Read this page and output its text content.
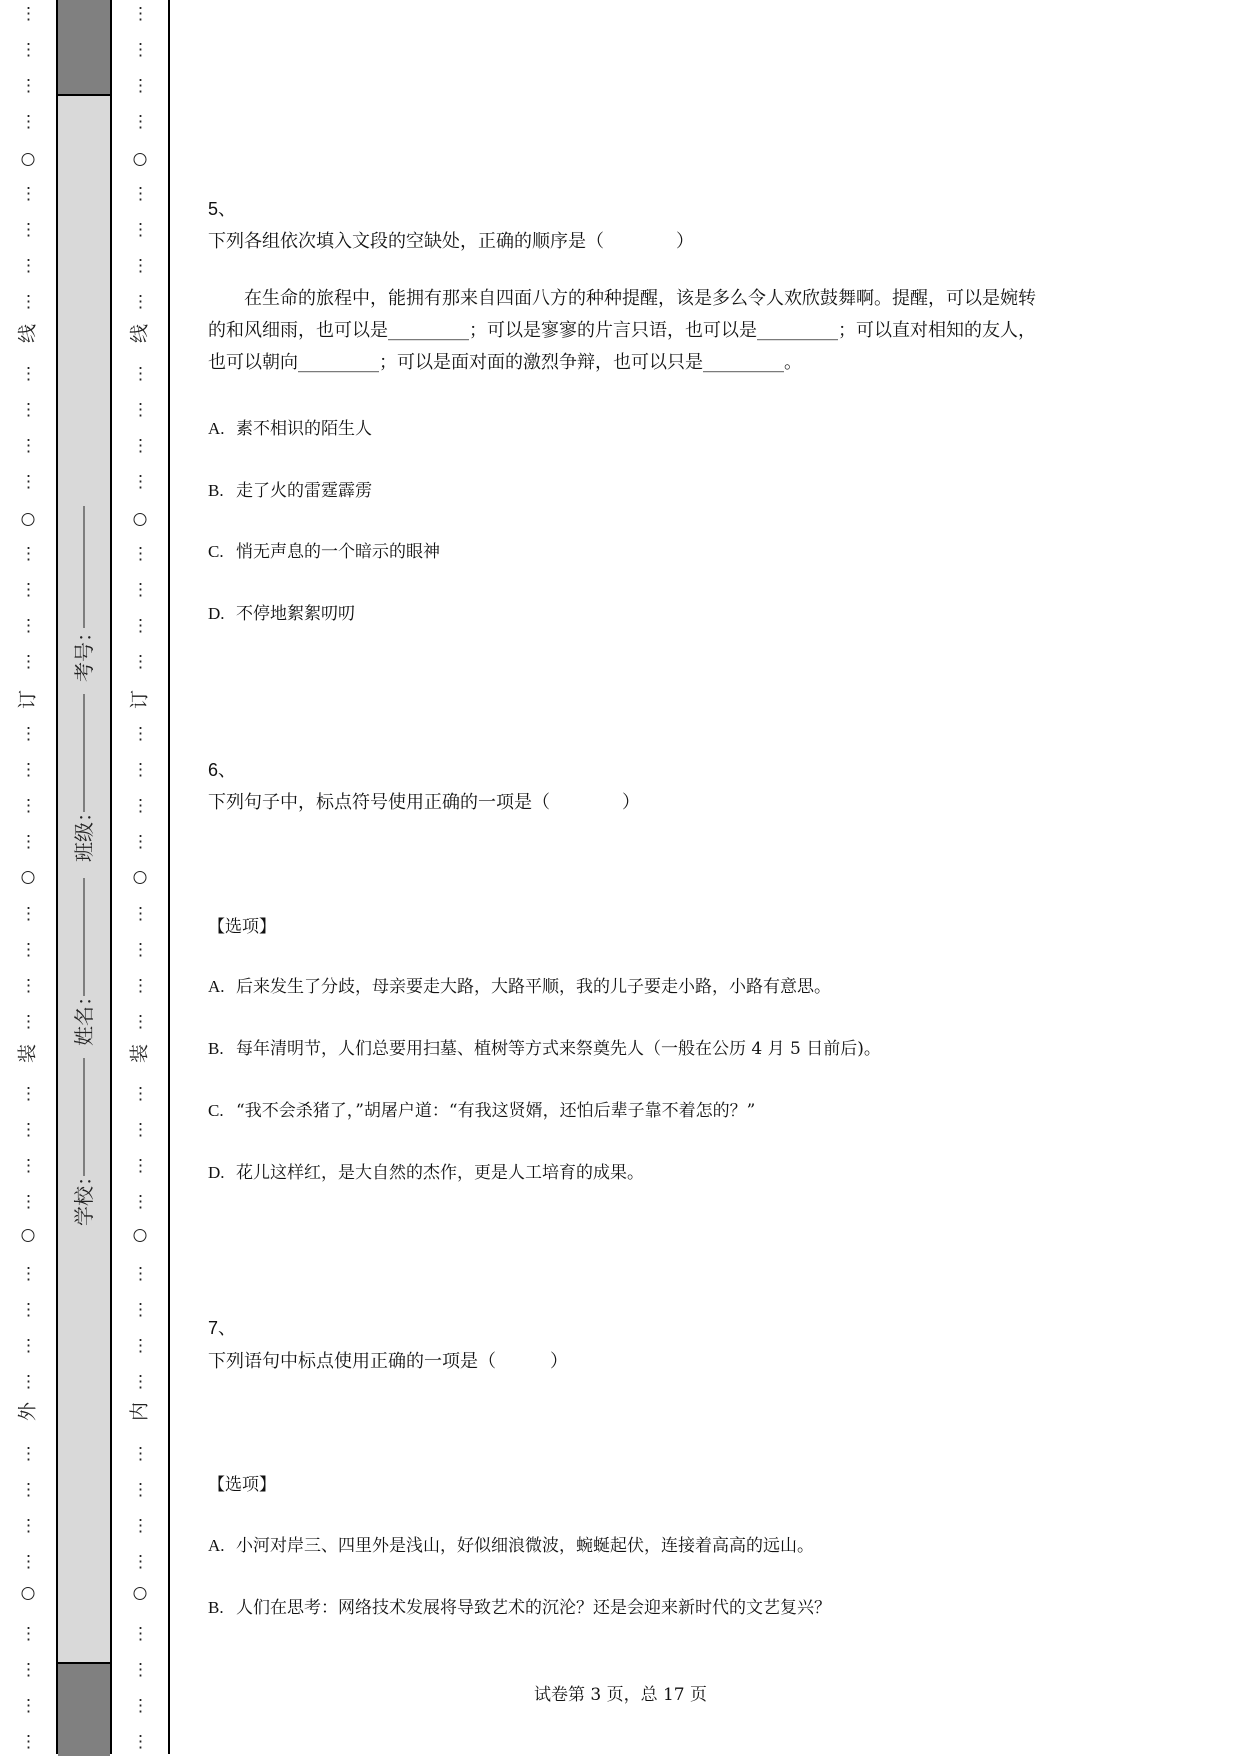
⋮
⋮
⋮
⋮
⋮
⋮
⋮
⋮
⋮
⋮
⋮
⋮
⋮
⋮
⋮
⋮
⋮
⋮
⋮
⋮
⋮
⋮
⋮
⋮
⋮
⋮
⋮
⋮
⋮
⋮
⋮
⋮
⋮
⋮
⋮
⋮
⋮
⋮
⋮
⋮
线
订
装
外
考号：
班级：
姓名：
学校：
⋮
⋮
⋮
⋮
⋮
⋮
⋮
⋮
⋮
⋮
⋮
⋮
⋮
⋮
⋮
⋮
⋮
⋮
⋮
⋮
⋮
⋮
⋮
⋮
⋮
⋮
⋮
⋮
⋮
⋮
⋮
⋮
⋮
⋮
⋮
⋮
⋮
⋮
⋮
⋮
线
订
装
内
5、
下列各组依次填入文段的空缺处，正确的顺序是（　　　　）

在生命的旅程中，能拥有那来自四面八方的种种提醒，该是多么令人欢欣鼓舞啊。提醒，可以是婉转的和风细雨，也可以是_________；可以是寥寥的片言只语，也可以是_________；可以直对相知的友人，也可以朝向_________；可以是面对面的激烈争辩，也可以只是_________。

A. 素不相识的陌生人
B. 走了火的雷霆霹雳
C. 悄无声息的一个暗示的眼神
D. 不停地絮絮叨叨
6、
下列句子中，标点符号使用正确的一项是（　　　　）
【选项】
A. 后来发生了分歧，母亲要走大路，大路平顺，我的儿子要走小路，小路有意思。
B. 每年清明节，人们总要用扫墓、植树等方式来祭奠先人（一般在公历 4 月 5 日前后)。
C. “我不会杀猪了，”胡屠户道：“有我这贤婿，还怕后辈子靠不着怎的？”
D. 花儿这样红，是大自然的杰作，更是人工培育的成果。
7、
下列语句中标点使用正确的一项是（　　　）
【选项】
A. 小河对岸三、四里外是浅山，好似细浪微波，蜿蜒起伏，连接着高高的远山。
B. 人们在思考：网络技术发展将导致艺术的沉沦？还是会迎来新时代的文艺复兴？
试卷第 3 页，总 17 页
